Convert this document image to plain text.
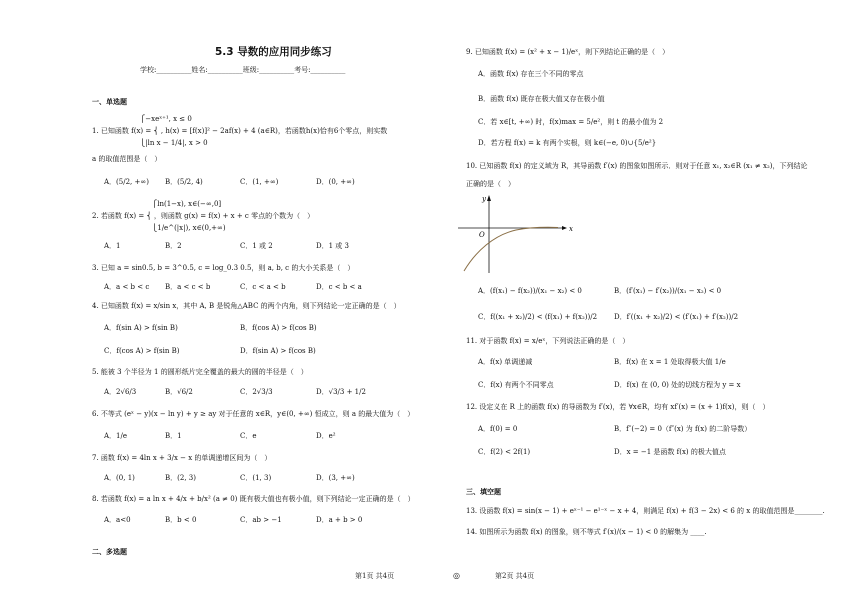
5.3 导数的应用同步练习
学校:__________姓名:__________班级:__________考号:__________
一、单选题
二、多选题
三、填空题
⎧−xeˣ⁺¹, x ≤ 0
1. 已知函数 f(x) = ⎨ , h(x) = [f(x)]² − 2af(x) + 4 (a∈R)，若函数h(x)恰有6个零点，则实数
⎩|ln x − 1/4|, x > 0
a 的取值范围是（　）
A．(5/2, +∞) B．(5/2, 4)	C．(1, +∞)	D．(0, +∞)
⎧ln(1−x), x∈(−∞,0]
2. 若函数 f(x) = ⎨ ，则函数 g(x) = f(x) + x + c 零点的个数为（　）
⎩1/e^(|x|), x∈(0,+∞)
A．1	B．2	C．1 或 2	D．1 或 3
3. 已知 a = sin0.5, b = 3^0.5, c = log_0.3 0.5，则 a, b, c 的大小关系是（　）
A．a < b < c B．a < c < b	C．c < a < b	D．c < b < a
4. 已知函数 f(x) = x/sin x，其中 A, B 是锐角△ABC 的两个内角，则下列结论一定正确的是（　）
A．f(sin A) > f(sin B)	B．f(cos A) > f(cos B)
C．f(cos A) > f(sin B)	D．f(sin A) > f(cos B)
5. 能被 3 个半径为 1 的圆形纸片完全覆盖的最大的圆的半径是（　）
A．2√6/3	B．√6/2	C．2√3/3	D．√3/3 + 1/2
6. 不等式 (eˣ − y)(x − ln y) + y ≥ ay 对于任意的 x∈R，y∈(0, +∞) 恒成立，则 a 的最大值为（　）
A．1/e	B．1	C．e	D．e²
7. 函数 f(x) = 4ln x + 3/x − x 的单调递增区间为（　）
A．(0, 1)	B．(2, 3)	C．(1, 3)	D．(3, +∞)
8. 若函数 f(x) = a ln x + 4/x + b/x² (a ≠ 0) 既有极大值也有极小值，则下列结论一定正确的是（　）
A．a<0	B．b < 0	C．ab > −1	D．a + b > 0
9. 已知函数 f(x) = (x² + x − 1)/eˣ，则下列结论正确的是（　）
A．函数 f(x) 存在三个不同的零点
B．函数 f(x) 既存在极大值又存在极小值
C．若 x∈[t, +∞) 时，f(x)max = 5/e²，则 t 的最小值为 2
D．若方程 f(x) = k 有两个实根，则 k∈(−e, 0)∪{5/e²}
10. 已知函数 f(x) 的定义域为 R，其导函数 f′(x) 的图象如图所示．则对于任意 x₁, x₂∈R (x₁ ≠ x₂)，下列结论
正确的是（　）
y
x
O
A．(f(x₁) − f(x₂))/(x₁ − x₂) < 0	B．(f′(x₁) − f′(x₂))/(x₁ − x₂) < 0
C．f((x₁ + x₂)/2) < (f(x₁) + f(x₂))/2 D．f′((x₁ + x₂)/2) < (f′(x₁) + f′(x₂))/2
11. 对于函数 f(x) = x/eˣ，下列说法正确的是（　）
A．f(x) 单调递减	B．f(x) 在 x = 1 处取得极大值 1/e
C．f(x) 有两个不同零点	D．f(x) 在 (0, 0) 处的切线方程为 y = x
12. 设定义在 R 上的函数 f(x) 的导函数为 f′(x)，若 ∀x∈R，均有 xf′(x) = (x + 1)f(x)，则（　）
A．f(0) = 0	B．f″(−2) = 0（f″(x) 为 f(x) 的二阶导数）
C．f(2) < 2f(1)	D．x = −1 是函数 f(x) 的极大值点
13. 设函数 f(x) = sin(x − 1) + eˣ⁻¹ − e¹⁻ˣ − x + 4，则满足 f(x) + f(3 − 2x) < 6 的 x 的取值范围是________.
14. 如图所示为函数 f(x) 的图象，则不等式 f′(x)/(x − 1) < 0 的解集为 ____.
第1页 共4页	◎	第2页 共4页
